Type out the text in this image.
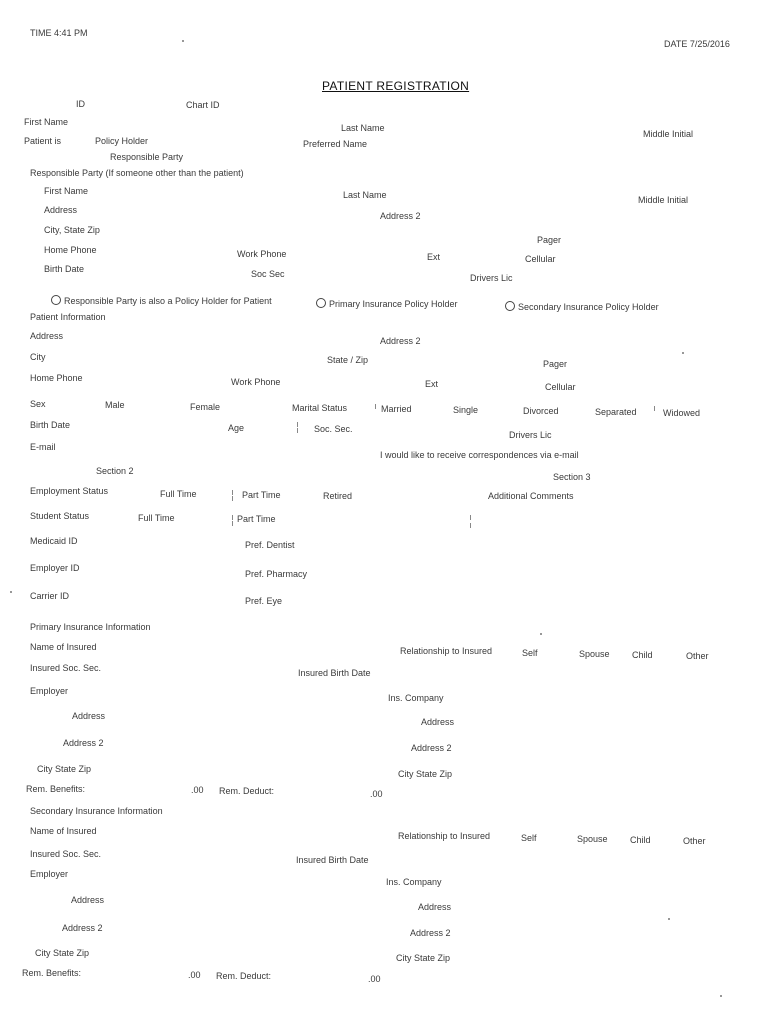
TIME 4:41 PM
DATE 7/25/2016
PATIENT REGISTRATION
ID	Chart ID
First Name
Last Name
Middle Initial
Patient is	Policy Holder	Preferred Name
Responsible Party
Responsible Party (If someone other than the patient)
First Name	Last Name	Middle Initial
Address
Address 2
City, State Zip
Pager
Home Phone	Work Phone	Ext	Cellular
Birth Date	Soc Sec	Drivers Lic
Responsible Party is also a Policy Holder for Patient	Primary Insurance Policy Holder	Secondary Insurance Policy Holder
Patient Information
Address	Address 2
City	State / Zip	Pager
Home Phone	Work Phone	Ext	Cellular
Sex	Male	Female	Marital Status	Married	Single	Divorced	Separated	Widowed
Birth Date	Age	Soc. Sec.
Drivers Lic
E-mail
I would like to receive correspondences via e-mail
Section 2
Section 3
Employment Status	Full Time	Part Time	Retired	Additional Comments
Student Status	Full Time	Part Time
Medicaid ID	Pref. Dentist
Employer ID
Pref. Pharmacy
Carrier ID	Pref. Eye
Primary Insurance Information
Name of Insured	Relationship to Insured	Self	Spouse Child	Other
Insured Soc. Sec.	Insured Birth Date
Employer
Ins. Company
Address
Address
Address 2	Address 2
City State Zip	City State Zip
Rem. Benefits:	.00 Rem. Deduct:	.00
Secondary Insurance Information
Name of Insured	Relationship to Insured	Self	Spouse Child	Other
Insured Soc. Sec.
Insured Birth Date
Employer
Ins. Company
Address
Address
Address 2	Address 2
City State Zip	City State Zip
Rem. Benefits:	.00 Rem. Deduct:	.00
